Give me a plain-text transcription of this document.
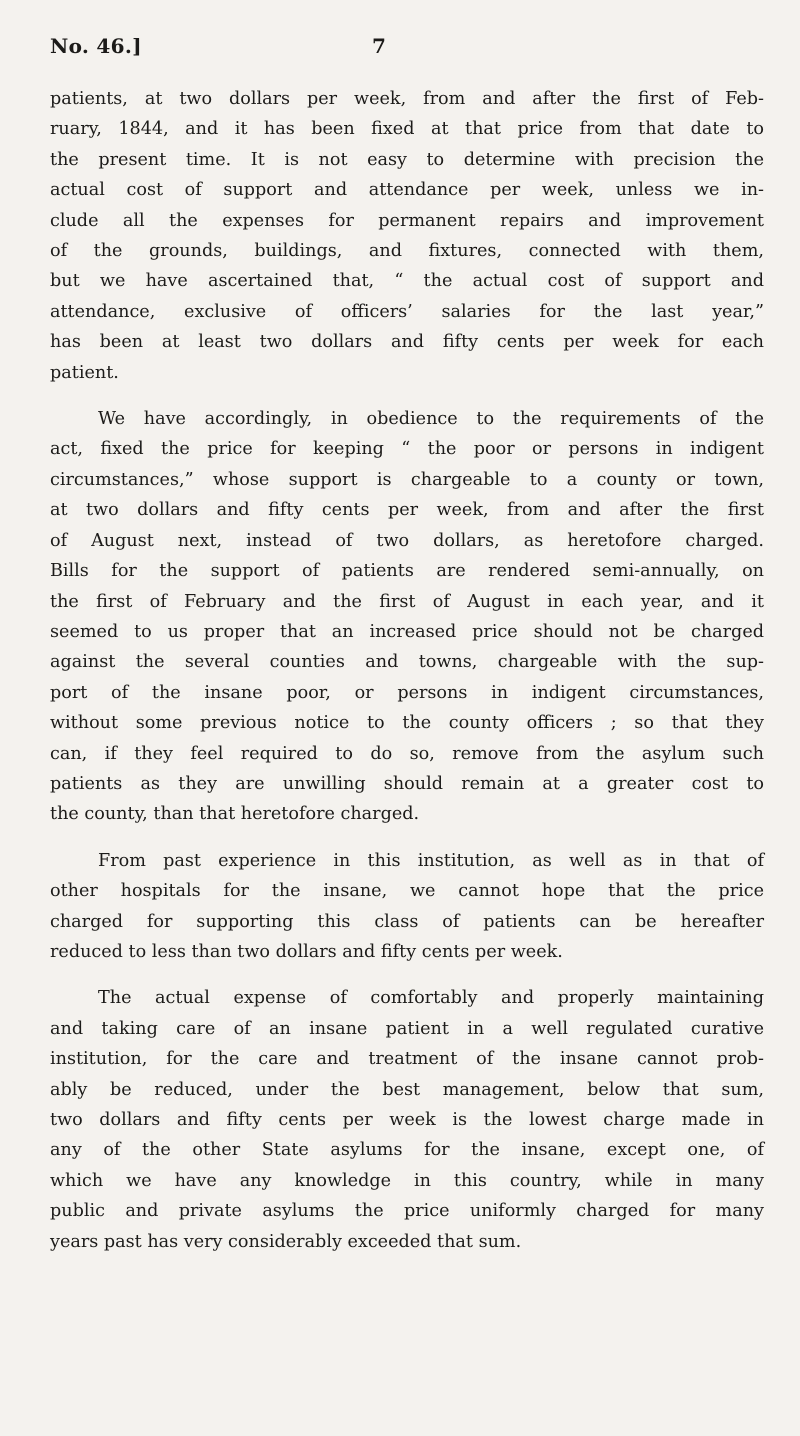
No. 46.]	7
patients, at two dollars per week, from and after the first of Feb-
ruary, 1844, and it has been fixed at that price from that date to
the present time. It is not easy to determine with precision the
actual cost of support and attendance per week, unless we in-
clude all the expenses for permanent repairs and improvement
of the grounds, buildings, and fixtures, connected with them,
but we have ascertained that, “ the actual cost of support and
attendance, exclusive of officers’ salaries for the last year,”
has been at least two dollars and fifty cents per week for each
patient.
We have accordingly, in obedience to the requirements of the
act, fixed the price for keeping “ the poor or persons in indigent
circumstances,” whose support is chargeable to a county or town,
at two dollars and fifty cents per week, from and after the first
of August next, instead of two dollars, as heretofore charged.
Bills for the support of patients are rendered semi-annually, on
the first of February and the first of August in each year, and it
seemed to us proper that an increased price should not be charged
against the several counties and towns, chargeable with the sup-
port of the insane poor, or persons in indigent circumstances,
without some previous notice to the county officers ; so that they
can, if they feel required to do so, remove from the asylum such
patients as they are unwilling should remain at a greater cost to
the county, than that heretofore charged.
From past experience in this institution, as well as in that of
other hospitals for the insane, we cannot hope that the price
charged for supporting this class of patients can be hereafter
reduced to less than two dollars and fifty cents per week.
The actual expense of comfortably and properly maintaining
and taking care of an insane patient in a well regulated curative
institution, for the care and treatment of the insane cannot prob-
ably be reduced, under the best management, below that sum,
two dollars and fifty cents per week is the lowest charge made in
any of the other State asylums for the insane, except one, of
which we have any knowledge in this country, while in many
public and private asylums the price uniformly charged for many
years past has very considerably exceeded that sum.
